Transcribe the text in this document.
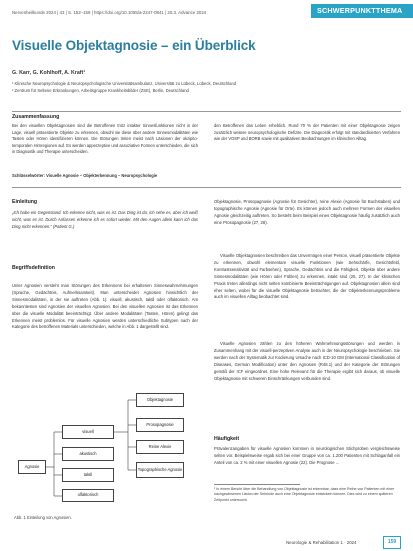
Nervenheilkunde 2024 | 43 | S. 152–159 | https://doi.org/10.1055/a-2247-0841 | 20.3. Advance 2024	SCHWERPUNKTTHEMA
Visuelle Objektagnosie – ein Überblick
G. Karr, G. Kohlhoff, A. Kraft¹
¹ Klinische Neuropsychologie & Neuropsychologische Universitätsambulanz, Universität zu Lübeck, Lübeck, Deutschland
² Zentrum für Seltene Erkrankungen, Arbeitsgruppe Krankheitsbilder (ZSE), Berlin, Deutschland
Zusammenfassung
Bei den visuellen Objektagnosien sind die Betroffenen trotz intakter Sinnesfunktionen nicht in der Lage, visuell präsentierte Objekte zu erkennen, obwohl sie diese über andere Sinnesmodalitäten wie Tasten oder Hören identifizieren können. Die Störungen treten meist nach Läsionen der okzipito-temporalen Hirnregionen auf. Es werden apperzeptive und assoziative Formen unterschieden, die sich in Diagnostik und Therapie unterscheiden.
den Betroffenen das Leben erheblich. Rund 70 % der Patienten mit einer Objektagnosie zeigen zusätzlich weitere neuropsychologische Defizite. Die Diagnostik erfolgt mit standardisierten Verfahren wie der VOSP und BORB sowie mit qualitativen Beobachtungen im klinischen Alltag.
Schlüsselwörter: Visuelle Agnosie – Objekterkennung – Neuropsychologie
Einleitung
„Ich habe ein Gegenstand. Ich erkenne nicht, was es ist. Das Ding ist da, ich sehe es, aber ich weiß nicht, was es ist. Durch Anfassen erkenne ich es sofort wieder. Mit den Augen allein kann ich das Ding nicht erkennen.“ (Patient G.)
Begriffsdefinition
Unter Agnosien versteht man Störungen des Erkennens bei erhaltenen Sinneswahrnehmungen (Sprache, Gedächtnis, Aufmerksamkeit). Man unterscheidet Agnosien hinsichtlich der Sinnesmodalitäten, in der sie auftreten (Abb. 1): visuell, akustisch, taktil oder olfaktorisch. Am bekanntesten sind Agnosien der visuellen Agnosien. Bei den visuellen Agnosien ist das Erkennen über die visuelle Modalität beeinträchtigt. Über andere Modalitäten (Tasten, Hören) gelingt das Erkennen meist problemlos. Für visuelle Agnosien werden unterschiedliche Subtypen nach der Kategorie des betroffenen Materials unterschieden, welche in Abb. 1 dargestellt sind.
Agnosie
visuell
akustisch
taktil
olfaktorisch
Objektagnosie
Prosopagnosie
Reine Alexie
Topographische Agnosie
Abb. 1 Einteilung von Agnosien.
Objektagnosie, Prosopagnosie (Agnosie für Gesichter), reine Alexie (Agnosie für Buchstaben) und topographische Agnosie (Agnosie für Orte). Es können jedoch auch mehrere Formen der visuellen Agnosie gleichzeitig auftreten. So besteht beim Beispiel eines Objektagnosie häufig zusätzlich auch eine Prosopagnosie (27, 28).
Visuelle Objektagnosien beschreiben das Unvermögen einer Person, visuell präsentierte Objekte zu erkennen, obwohl elementare visuelle Funktionen (wie Sehschärfe, Gesichtsfeld, Kontrastsensitivität und Farbsehen), Sprache, Gedächtnis und die Fähigkeit, Objekte über andere Sinnesmodalitäten (wie Hören oder Fühlen) zu erkennen, intakt sind (25, 27). In der klinischen Praxis treten allerdings nicht selten kombinierte Beeinträchtigungen auf. Objektagnosien allein sind eher selten, wobei für die visuelle Objektagnosie betrachtet, die der Objekterkennungsprobleme auch im visuellen Alltag beobachtet sind.
Visuelle Agnosien zählen zu den höheren Wahrnehmungsstörungen und werden in Zusammenhang mit der visuell-perzeptiven Analyse auch in der Neuropsychologie beschrieben. Sie werden nach der Systematik zur Kodierung Ursache nach ICD-10 GM (International Classification of Diseases, German Modification) unter den Agnosien (R48.1) und der Kategorie der Störungen gemäß der ICF eingeordnet. Eine hohe Relevanz für die Therapie ergibt sich daraus, ob visuelle Objektagnosie mit schweren Einschränkungen verbunden sind.
Häufigkeit
Prävalenzangaben für visuelle Agnosien kommen in neurologischen Stichproben vergleichsweise selten vor. Beispielsweise ergab sich bei einer Gruppe von ca. 1.200 Patienten mit Schlaganfall ein Anteil von ca. 2 % mit einer visuellen Agnosie (22). Die Prognose ...
¹ In einem Bericht über die Behandlung von Objektagnosie ist erkennbar, dass eine Reihe von Patienten mit einer nachgewiesenen Läsion der Sehrinde auch eine Objektagnosie entwickeln können. Dies wird zu einem späteren Zeitpunkt untersucht.
Neurologie & Rehabilitation 1 · 2024	159
